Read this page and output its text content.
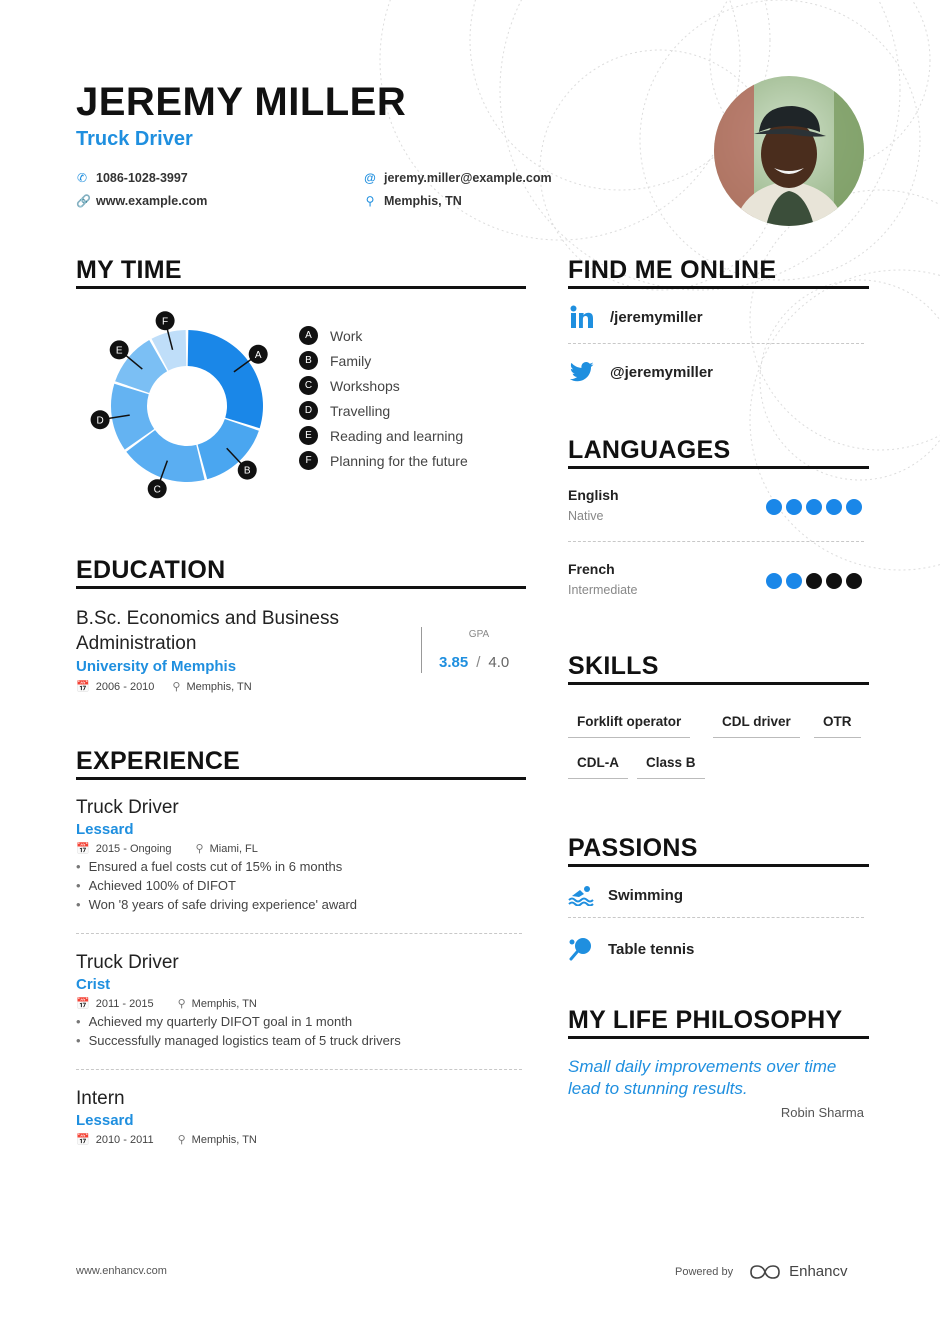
JEREMY MILLER
Truck Driver
✆ 1086-1028-3997
🔗 www.example.com
@ jeremy.miller@example.com
⚲ Memphis, TN
MY TIME
A
B
C
D
E
F
A	Work
B	Family
C	Workshops
D	Travelling
E	Reading and learning
F	Planning for the future
EDUCATION
B.Sc. Economics and Business
Administration
University of Memphis
📅 2006 - 2010 ⚲ Memphis, TN
GPA
3.85 / 4.0
EXPERIENCE
Truck Driver
Lessard
📅 2015 - Ongoing ⚲ Miami, FL
• Ensured a fuel costs cut of 15% in 6 months
• Achieved 100% of DIFOT
• Won '8 years of safe driving experience' award
Truck Driver
Crist
📅 2011 - 2015 ⚲ Memphis, TN
• Achieved my quarterly DIFOT goal in 1 month
• Successfully managed logistics team of 5 truck drivers
Intern
Lessard
📅 2010 - 2011 ⚲ Memphis, TN
FIND ME ONLINE
/jeremymiller
@jeremymiller
LANGUAGES
English
Native
French
Intermediate
SKILLS
Forklift operator	CDL driver	OTR
CDL-A	Class B
PASSIONS
Swimming
Table tennis
MY LIFE PHILOSOPHY
Small daily improvements over time
lead to stunning results.
Robin Sharma
www.enhancv.com	Powered by	Enhancv
